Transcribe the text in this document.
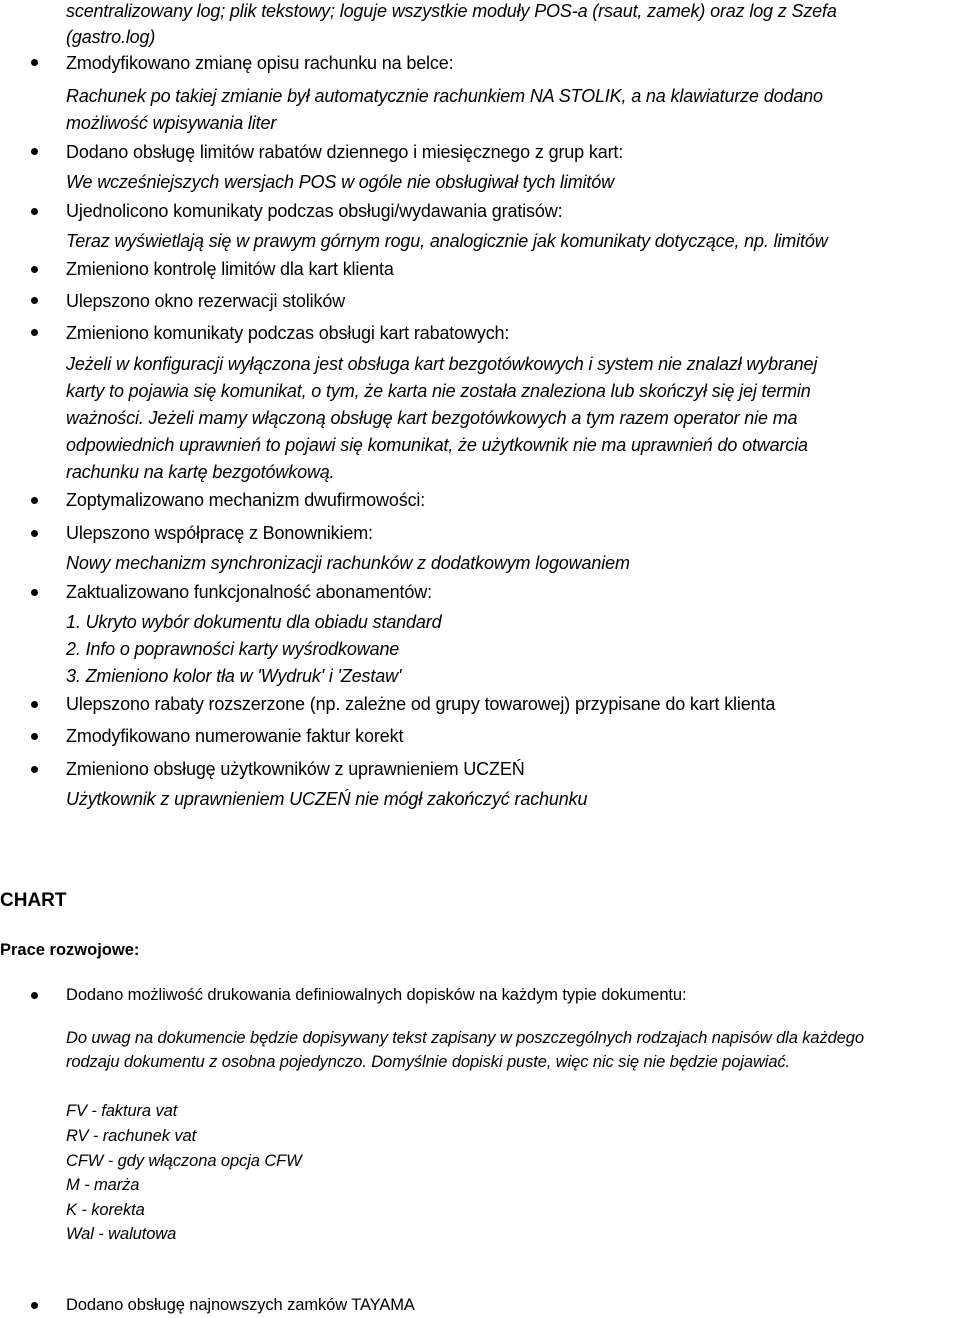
scentralizowany log; plik tekstowy; loguje wszystkie moduły POS-a (rsaut, zamek) oraz log z Szefa
(gastro.log)
Zmodyfikowano zmianę opisu rachunku na belce:
Rachunek po takiej zmianie był automatycznie rachunkiem NA STOLIK, a na klawiaturze dodano
możliwość wpisywania liter
Dodano obsługę limitów rabatów dziennego i miesięcznego z grup kart:
We wcześniejszych wersjach POS w ogóle nie obsługiwał tych limitów
Ujednolicono komunikaty podczas obsługi/wydawania gratisów:
Teraz wyświetlają się w prawym górnym rogu, analogicznie jak komunikaty dotyczące, np. limitów
Zmieniono kontrolę limitów dla kart klienta
Ulepszono okno rezerwacji stolików
Zmieniono komunikaty podczas obsługi kart rabatowych:
Jeżeli w konfiguracji wyłączona jest obsługa kart bezgotówkowych i system nie znalazł wybranej
karty to pojawia się komunikat, o tym, że karta nie została znaleziona lub skończył się jej termin
ważności. Jeżeli mamy włączoną obsługę kart bezgotówkowych a tym razem operator nie ma
odpowiednich uprawnień to pojawi się komunikat, że użytkownik nie ma uprawnień do otwarcia
rachunku na kartę bezgotówkową.
Zoptymalizowano mechanizm dwufirmowości:
Ulepszono współpracę z Bonownikiem:
Nowy mechanizm synchronizacji rachunków z dodatkowym logowaniem
Zaktualizowano funkcjonalność abonamentów:
1. Ukryto wybór dokumentu dla obiadu standard
2. Info o poprawności karty wyśrodkowane
3. Zmieniono kolor tła w 'Wydruk' i 'Zestaw'
Ulepszono rabaty rozszerzone (np. zależne od grupy towarowej) przypisane do kart klienta
Zmodyfikowano numerowanie faktur korekt
Zmieniono obsługę użytkowników z uprawnieniem UCZEŃ
Użytkownik z uprawnieniem UCZEŃ nie mógł zakończyć rachunku
CHART
Prace rozwojowe:
Dodano możliwość drukowania definiowalnych dopisków na każdym typie dokumentu:
Do uwag na dokumencie będzie dopisywany tekst zapisany w poszczególnych rodzajach napisów dla każdego
rodzaju dokumentu z osobna pojedynczo. Domyślnie dopiski puste, więc nic się nie będzie pojawiać.
FV - faktura vat
RV - rachunek vat
CFW - gdy włączona opcja CFW
M - marża
K - korekta
Wal - walutowa
Dodano obsługę najnowszych zamków TAYAMA
